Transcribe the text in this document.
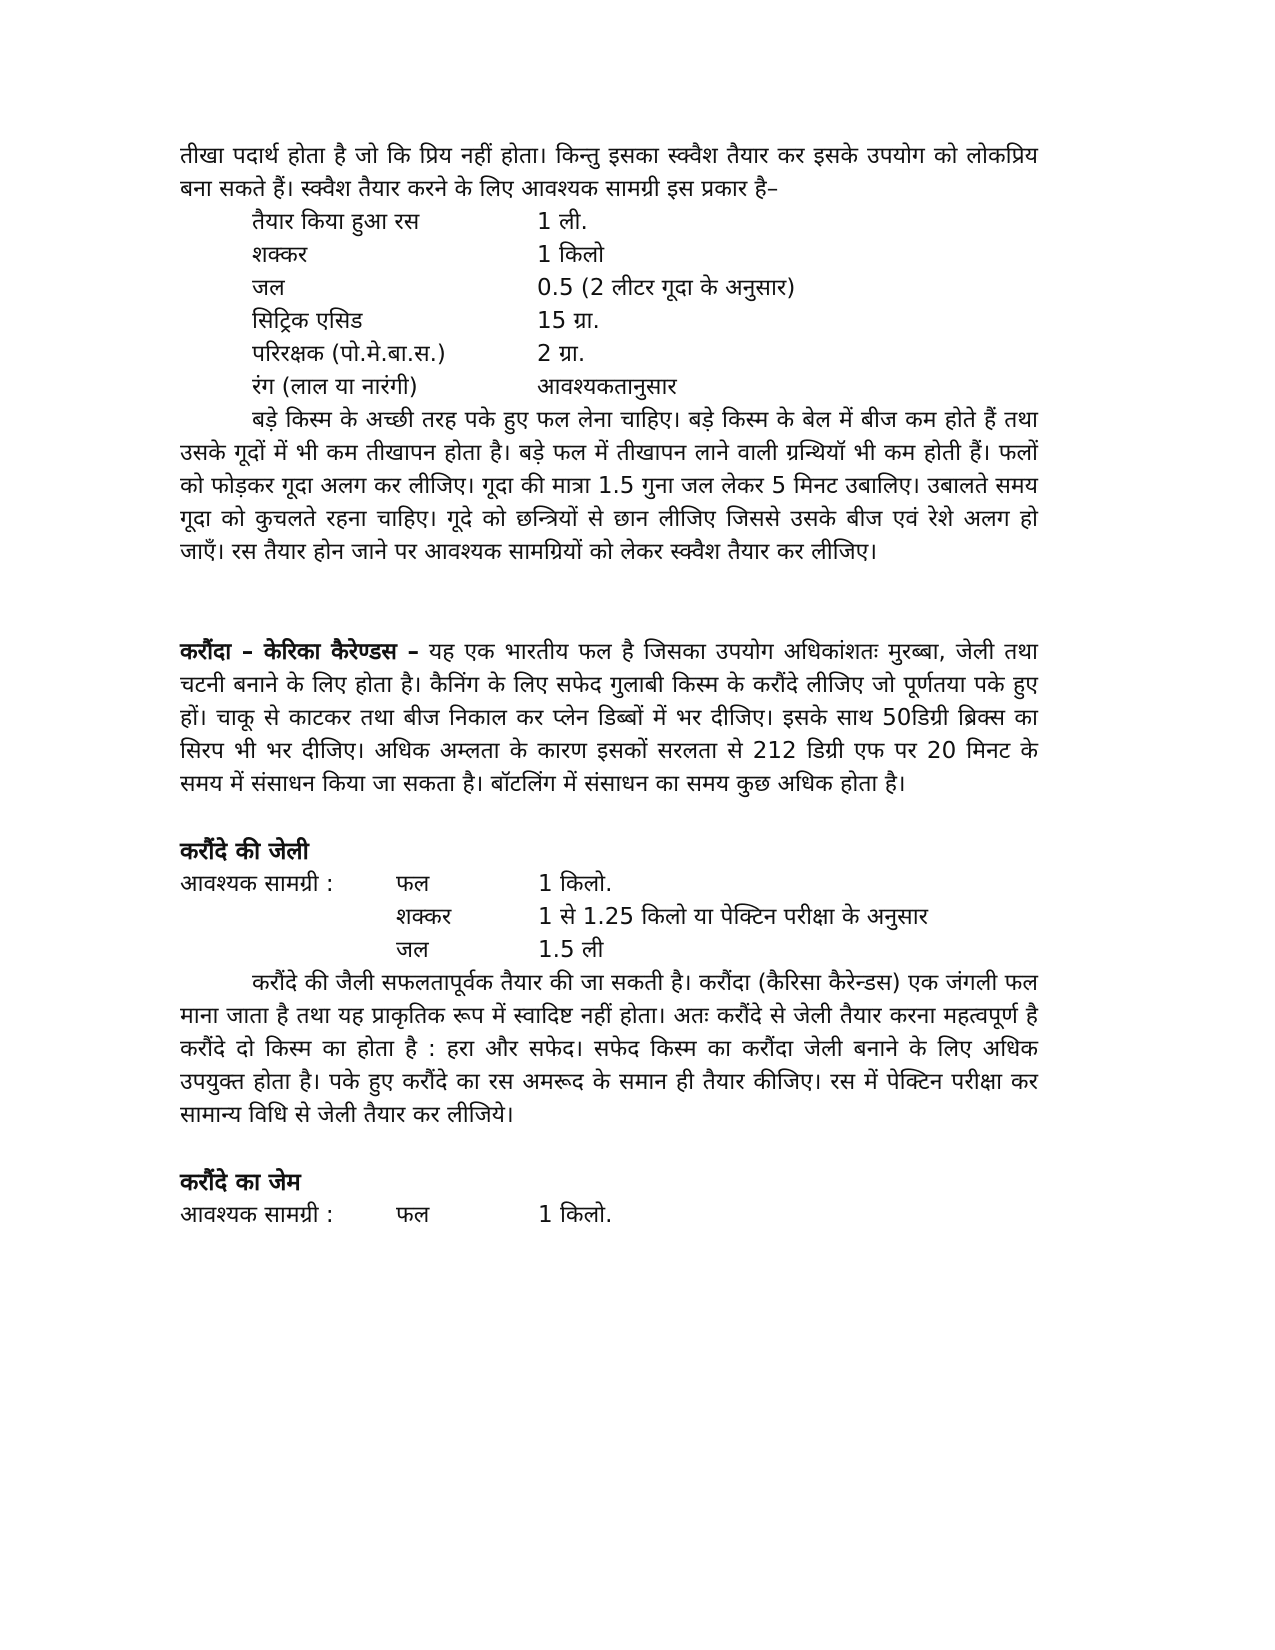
तीखा पदार्थ होता है जो कि प्रिय नहीं होता। किन्तु इसका स्क्वैश तैयार कर इसके उपयोग को लोकप्रिय बना सकते हैं। स्क्वैश तैयार करने के लिए आवश्यक सामग्री इस प्रकार है–

तैयार किया हुआ रस	1 ली.
शक्कर	1 किलो
जल	0.5 (2 लीटर गूदा के अनुसार)
सिट्रिक एसिड	15 ग्रा.
परिरक्षक (पो.मे.बा.स.)	2 ग्रा.
रंग (लाल या नारंगी)	आवश्यकतानुसार

बड़े किस्म के अच्छी तरह पके हुए फल लेना चाहिए। बड़े किस्म के बेल में बीज कम होते हैं तथा उसके गूदों में भी कम तीखापन होता है। बड़े फल में तीखापन लाने वाली ग्रन्थियॉ भी कम होती हैं। फलों को फोड़कर गूदा अलग कर लीजिए। गूदा की मात्रा 1.5 गुना जल लेकर 5 मिनट उबालिए। उबालते समय गूदा को कुचलते रहना चाहिए। गूदे को छन्त्रियों से छान लीजिए जिससे उसके बीज एवं रेशे अलग हो जाएँ। रस तैयार होन जाने पर आवश्यक सामग्रियों को लेकर स्क्वैश तैयार कर लीजिए।

करौंदा – केरिका कैरेण्डस – यह एक भारतीय फल है जिसका उपयोग अधिकांशतः मुरब्बा, जेली तथा चटनी बनाने के लिए होता है। कैनिंग के लिए सफेद गुलाबी किस्म के करौंदे लीजिए जो पूर्णतया पके हुए हों। चाकू से काटकर तथा बीज निकाल कर प्लेन डिब्बों में भर दीजिए। इसके साथ 50डिग्री ब्रिक्स का सिरप भी भर दीजिए। अधिक अम्लता के कारण इसकों सरलता से 212 डिग्री एफ पर 20 मिनट के समय में संसाधन किया जा सकता है। बॉटलिंग में संसाधन का समय कुछ अधिक होता है।

करौंदे की जेली
आवश्यक सामग्री :	फल	1 किलो.
	शक्कर	1 से 1.25 किलो या पेक्टिन परीक्षा के अनुसार
	जल	1.5 ली

करौंदे की जैली सफलतापूर्वक तैयार की जा सकती है। करौंदा (कैरिसा कैरेन्डस) एक जंगली फल माना जाता है तथा यह प्राकृतिक रूप में स्वादिष्ट नहीं होता। अतः करौंदे से जेली तैयार करना महत्वपूर्ण है करौंदे दो किस्म का होता है : हरा और सफेद। सफेद किस्म का करौंदा जेली बनाने के लिए अधिक उपयुक्त होता है। पके हुए करौंदे का रस अमरूद के समान ही तैयार कीजिए। रस में पेक्टिन परीक्षा कर सामान्य विधि से जेली तैयार कर लीजिये।

करौंदे का जेम
आवश्यक सामग्री :	फल	1 किलो.
